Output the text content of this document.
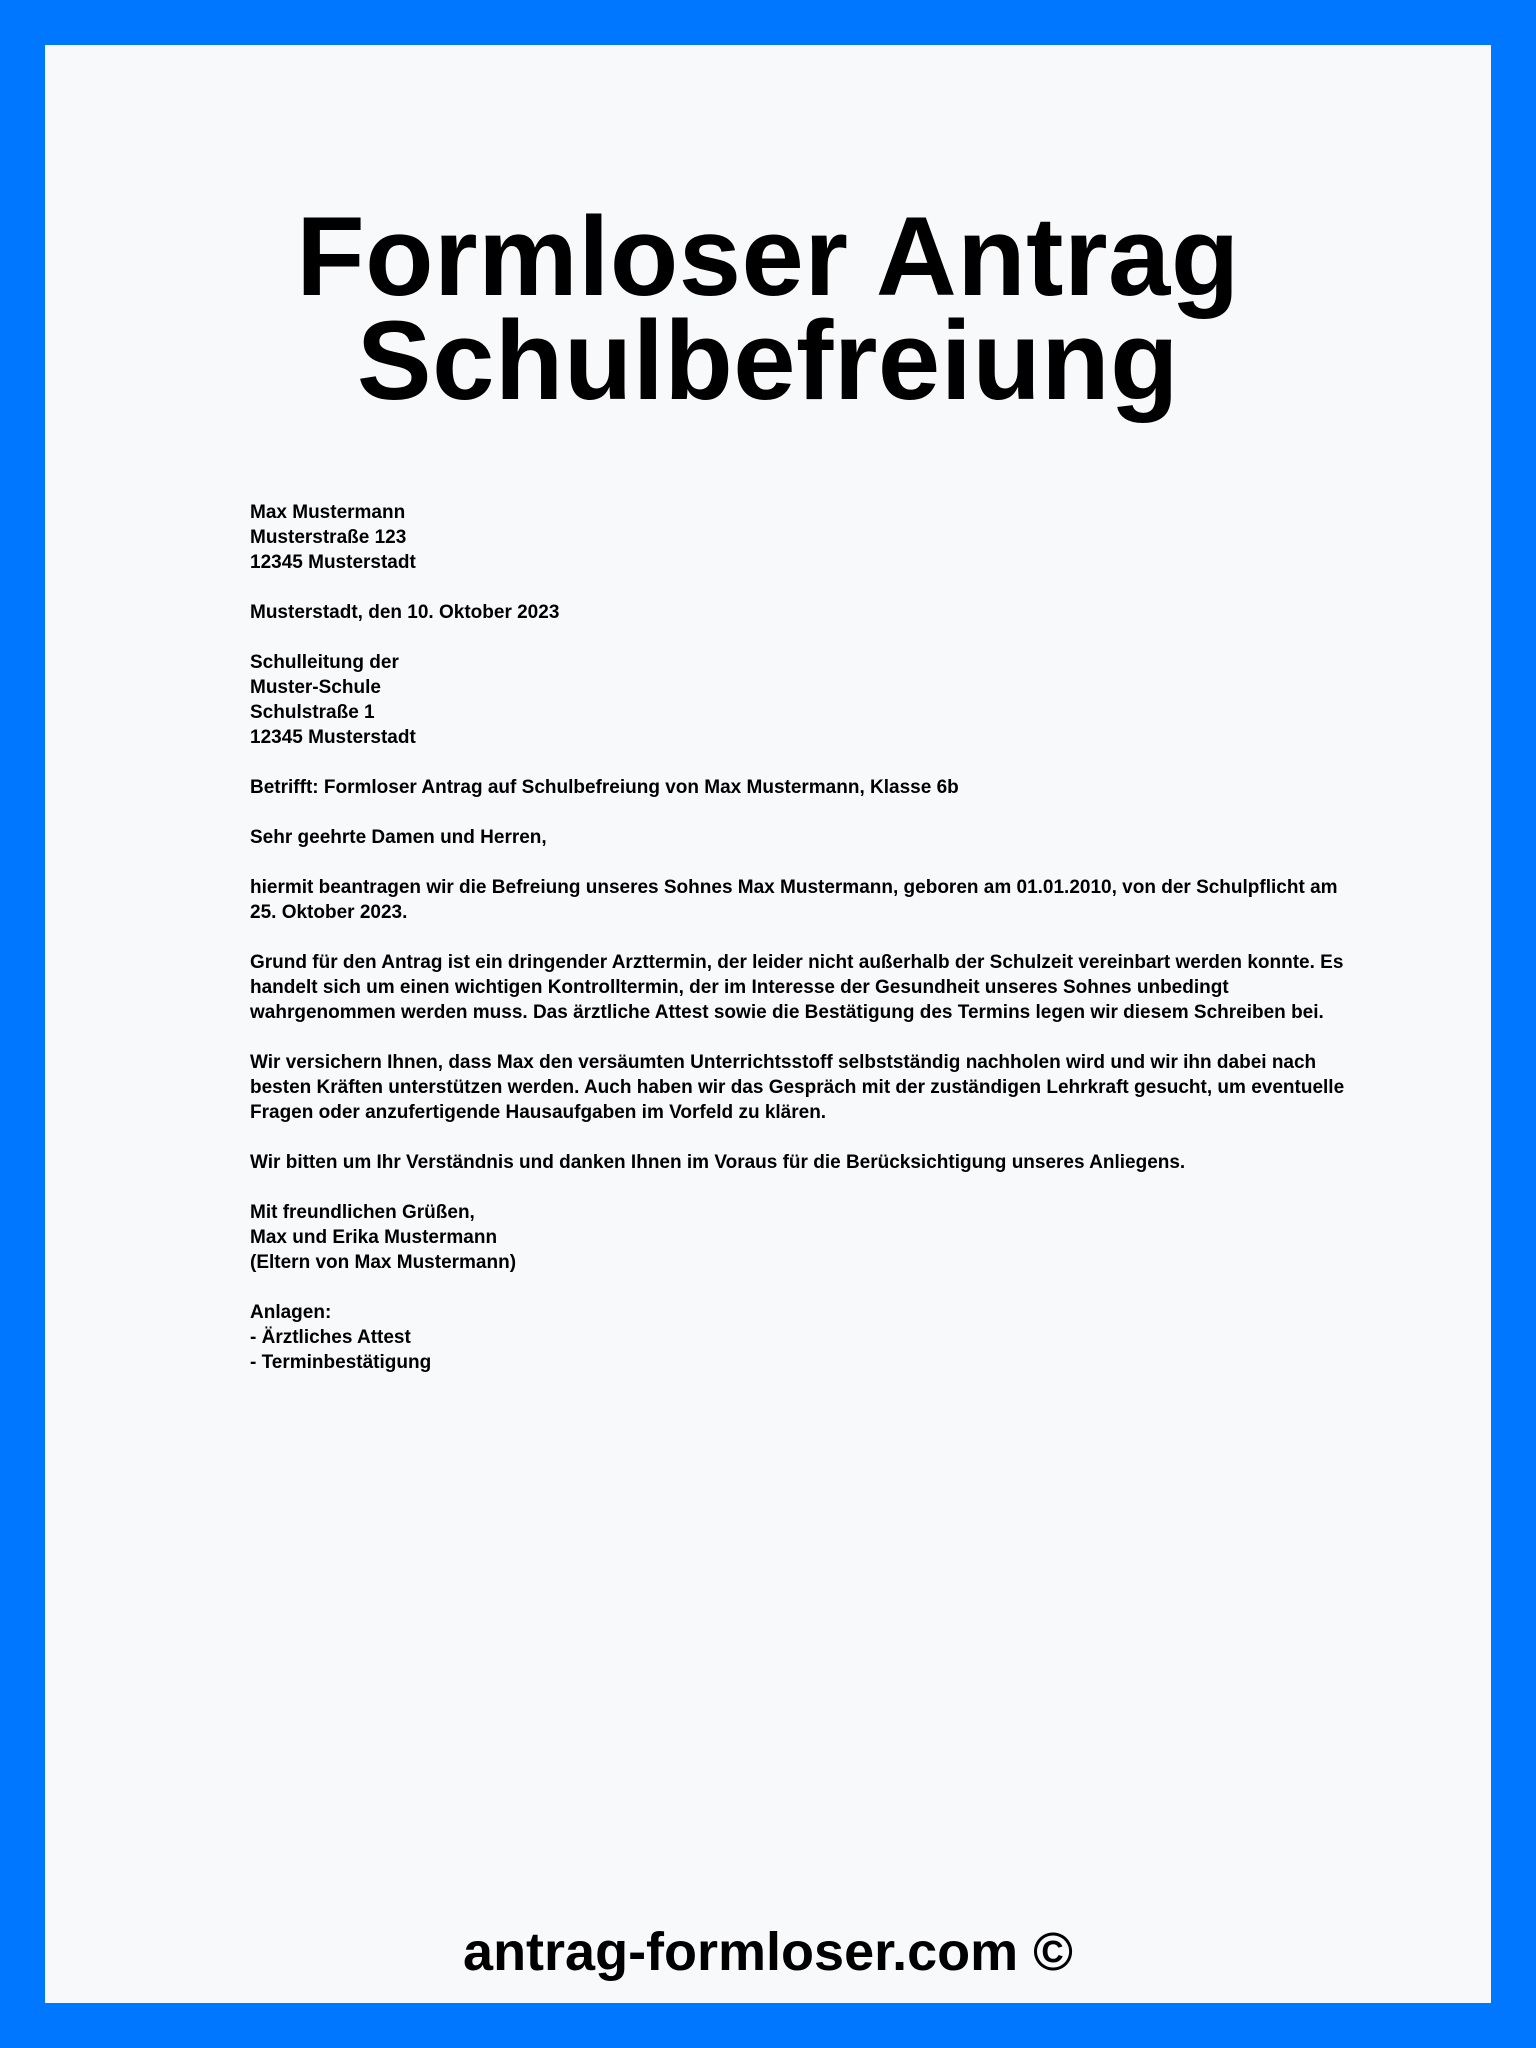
Formloser Antrag
Schulbefreiung
Max Mustermann
Musterstraße 123
12345 Musterstadt
Musterstadt, den 10. Oktober 2023
Schulleitung der
Muster-Schule
Schulstraße 1
12345 Musterstadt
Betrifft: Formloser Antrag auf Schulbefreiung von Max Mustermann, Klasse 6b
Sehr geehrte Damen und Herren,

hiermit beantragen wir die Befreiung unseres Sohnes Max Mustermann, geboren am 01.01.2010, von der Schulpflicht am 25. Oktober 2023.

Grund für den Antrag ist ein dringender Arzttermin, der leider nicht außerhalb der Schulzeit vereinbart werden konnte. Es handelt sich um einen wichtigen Kontrolltermin, der im Interesse der Gesundheit unseres Sohnes unbedingt wahrgenommen werden muss. Das ärztliche Attest sowie die Bestätigung des Termins legen wir diesem Schreiben bei.

Wir versichern Ihnen, dass Max den versäumten Unterrichtsstoff selbstständig nachholen wird und wir ihn dabei nach besten Kräften unterstützen werden. Auch haben wir das Gespräch mit der zuständigen Lehrkraft gesucht, um eventuelle Fragen oder anzufertigende Hausaufgaben im Vorfeld zu klären.

Wir bitten um Ihr Verständnis und danken Ihnen im Voraus für die Berücksichtigung unseres Anliegens.

Mit freundlichen Grüßen,
Max und Erika Mustermann
(Eltern von Max Mustermann)
Anlagen:
- Ärztliches Attest
- Terminbestätigung
antrag-formloser.com ©
